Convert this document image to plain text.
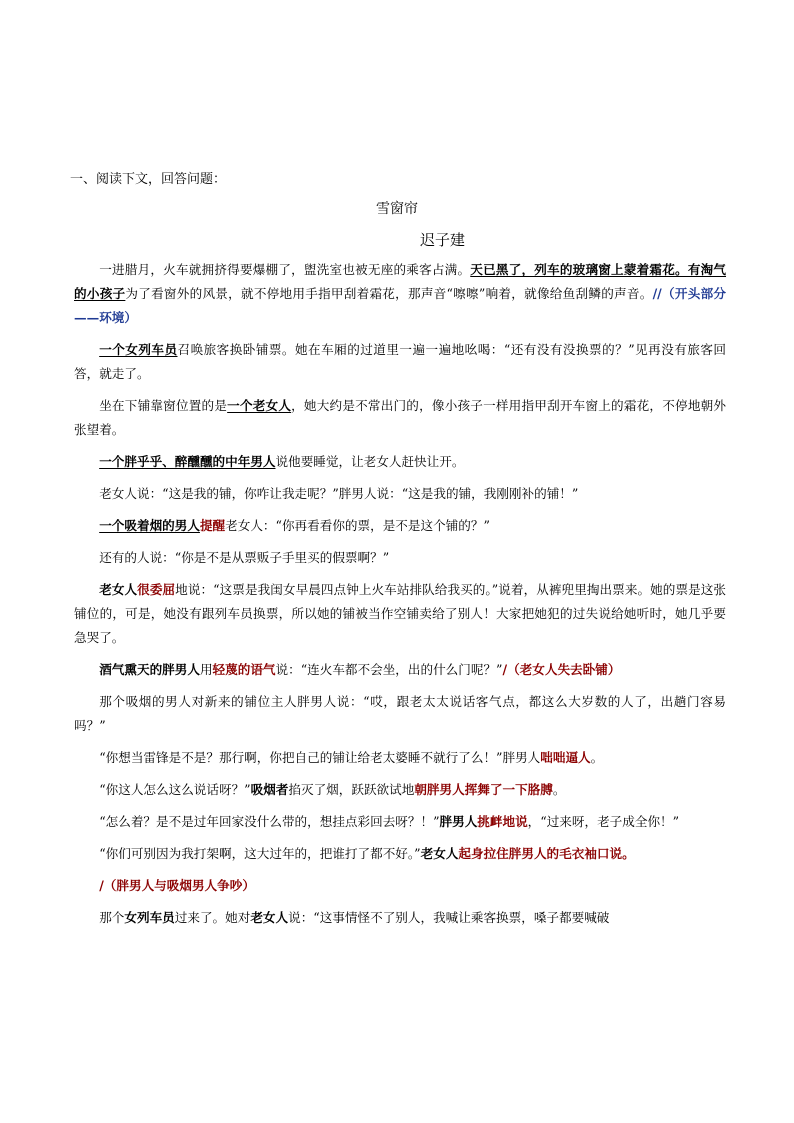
一、阅读下文，回答问题：
雪窗帘
迟子建

一进腊月，火车就拥挤得要爆棚了，盥洗室也被无座的乘客占满。天已黑了，列车的玻璃窗上蒙着霜花。有淘气的小孩子为了看窗外的风景，就不停地用手指甲刮着霜花，那声音“嚓嚓”响着，就像给鱼刮鳞的声音。//（开头部分——环境）

一个女列车员召唤旅客换卧铺票。她在车厢的过道里一遍一遍地吆喝：“还有没有没换票的？”见再没有旅客回答，就走了。

坐在下铺靠窗位置的是一个老女人，她大约是不常出门的，像小孩子一样用指甲刮开车窗上的霜花，不停地朝外张望着。

一个胖乎乎、醉醺醺的中年男人说他要睡觉，让老女人赶快让开。

老女人说：“这是我的铺，你咋让我走呢？”胖男人说：“这是我的铺，我刚刚补的铺！”

一个吸着烟的男人提醒老女人：“你再看看你的票，是不是这个铺的？”

还有的人说：“你是不是从票贩子手里买的假票啊？”

老女人很委屈地说：“这票是我闺女早晨四点钟上火车站排队给我买的。”说着，从裤兜里掏出票来。她的票是这张铺位的，可是，她没有跟列车员换票，所以她的铺被当作空铺卖给了别人！大家把她犯的过失说给她听时，她几乎要急哭了。

酒气熏天的胖男人用轻蔑的语气说：“连火车都不会坐，出的什么门呢？”/（老女人失去卧铺）

那个吸烟的男人对新来的铺位主人胖男人说：“哎，跟老太太说话客气点，都这么大岁数的人了，出趟门容易吗？”

“你想当雷锋是不是？那行啊，你把自己的铺让给老太婆睡不就行了么！”胖男人咄咄逼人。

“你这人怎么这么说话呀？”吸烟者掐灭了烟，跃跃欲试地朝胖男人挥舞了一下胳膊。

“怎么着？是不是过年回家没什么带的，想挂点彩回去呀？！”胖男人挑衅地说，“过来呀，老子成全你！”

“你们可别因为我打架啊，这大过年的，把谁打了都不好。”老女人起身拉住胖男人的毛衣袖口说。

/（胖男人与吸烟男人争吵）

那个女列车员过来了。她对老女人说：“这事情怪不了别人，我喊让乘客换票，嗓子都要喊破
